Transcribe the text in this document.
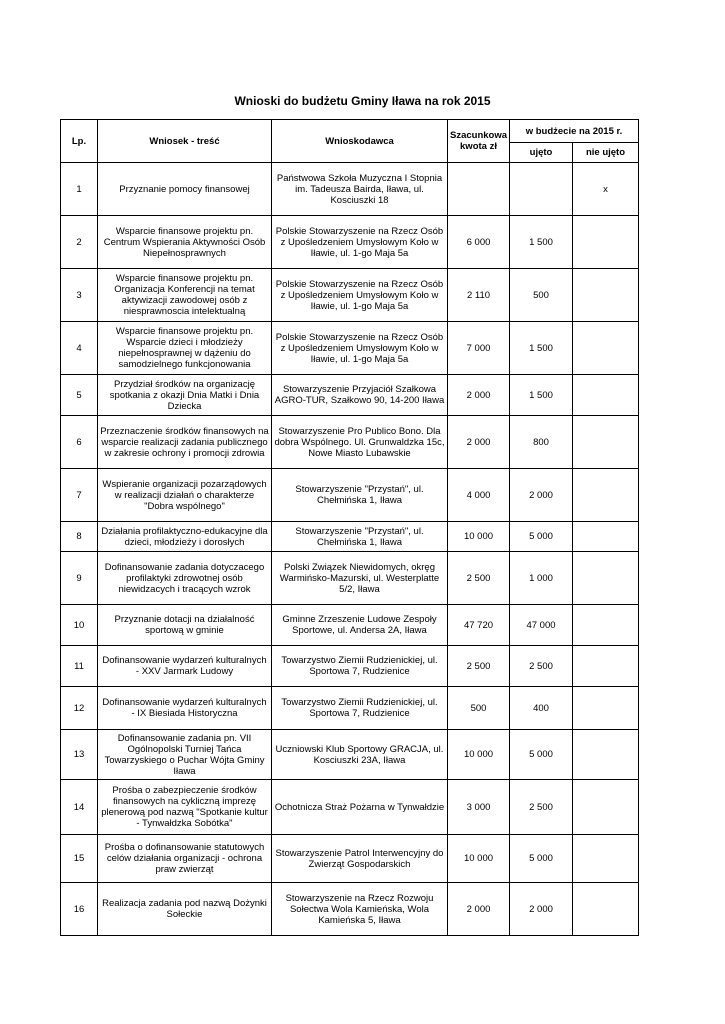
Wnioski do budżetu Gminy Iława na rok 2015
Lp.	Wniosek - treść	Wnioskodawca	Szacunkowa kwota zł	w budżecie na 2015 r.	
				ujęto	nie ujęto
1	Przyznanie pomocy finansowej	Państwowa Szkoła Muzyczna I Stopnia im. Tadeusza Bairda, Iława, ul. Kosciuszki 18			x
2	Wsparcie finansowe projektu pn. Centrum Wspierania Aktywności Osób Niepełnosprawnych	Polskie Stowarzyszenie na Rzecz Osób z Upośledzeniem Umysłowym Koło w Iławie, ul. 1-go Maja 5a	6 000	1 500	
3	Wsparcie finansowe projektu pn. Organizacja Konferencji na temat aktywizacji zawodowej osób z niesprawnoscia intelektualną	Polskie Stowarzyszenie na Rzecz Osób z Upośledzeniem Umysłowym Koło w Iławie, ul. 1-go Maja 5a	2 110	500	
4	Wsparcie finansowe projektu pn. Wsparcie dzieci i młodzieży niepełnosprawnej w dążeniu do samodzielnego funkcjonowania	Polskie Stowarzyszenie na Rzecz Osób z Upośledzeniem Umysłowym Koło w Iławie, ul. 1-go Maja 5a	7 000	1 500	
5	Przydział środków na organizację spotkania z okazji Dnia Matki i Dnia Dziecka	Stowarzyszenie Przyjaciół Szałkowa AGRO-TUR, Szałkowo 90, 14-200 Iława	2 000	1 500	
6	Przeznaczenie środków finansowych na wsparcie realizacji zadania publicznego w zakresie ochrony i promocji zdrowia	Stowarzyszenie Pro Publico Bono. Dla dobra Wspólnego. Ul. Grunwaldzka 15c, Nowe Miasto Lubawskie	2 000	800	
7	Wspieranie organizacji pozarządowych w realizacji działań o charakterze "Dobra wspólnego"	Stowarzyszenie "Przystań", ul. Chełmińska 1, Iława	4 000	2 000	
8	Działania profilaktyczno-edukacyjne dla dzieci, młodzieży i dorosłych	Stowarzyszenie "Przystań", ul. Chełmińska 1, Iława	10 000	5 000	
9	Dofinansowanie zadania dotyczacego profilaktyki zdrowotnej osób niewidzacych i tracących wzrok	Polski Związek Niewidomych, okręg Warmińsko-Mazurski, ul. Westerplatte 5/2, Iława	2 500	1 000	
10	Przyznanie dotacji na działalność sportową w gminie	Gminne Zrzeszenie Ludowe Zespoły Sportowe, ul. Andersa 2A, Iława	47 720	47 000	
11	Dofinansowanie wydarzeń kulturalnych - XXV Jarmark Ludowy	Towarzystwo Ziemii Rudzienickiej, ul. Sportowa 7, Rudzienice	2 500	2 500	
12	Dofinansowanie wydarzeń kulturalnych - IX Biesiada Historyczna	Towarzystwo Ziemii Rudzienickiej, ul. Sportowa 7, Rudzienice	500	400	
13	Dofinansowanie zadania pn. VII Ogólnopolski Turniej Tańca Towarzyskiego o Puchar Wójta Gminy Iława	Uczniowski Klub Sportowy GRACJA, ul. Kosciuszki 23A, Iława	10 000	5 000	
14	Prośba o zabezpieczenie środków finansowych na cykliczną imprezę plenerową pod nazwą "Spotkanie kultur - Tynwałdzka Sobótka"	Ochotnicza Straż Pożarna w Tynwałdzie	3 000	2 500	
15	Prośba o dofinansowanie statutowych celów działania organizacji - ochrona praw zwierząt	Stowarzyszenie Patrol Interwencyjny do Zwierząt Gospodarskich	10 000	5 000	
16	Realizacja zadania pod nazwą Dożynki Sołeckie	Stowarzyszenie na Rzecz Rozwoju Sołectwa Wola Kamieńska, Wola Kamieńska 5, Iława	2 000	2 000	
